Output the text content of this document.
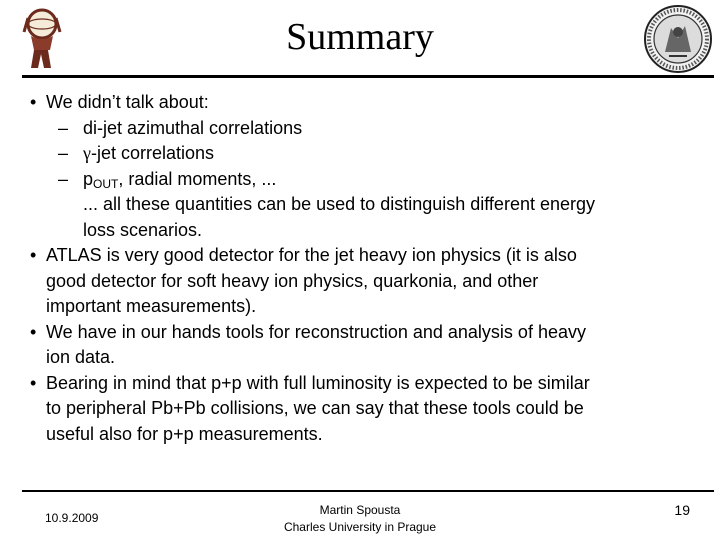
Summary
• We didn’t talk about:
– di-jet azimuthal correlations
– γ-jet correlations
– $p_{OUT}$, radial moments, ...
... all these quantities can be used to distinguish different energy
loss scenarios.
• ATLAS is very good detector for the jet heavy ion physics (it is also
good detector for soft heavy ion physics, quarkonia, and other
important measurements).
• We have in our hands tools for reconstruction and analysis of heavy
ion data.
• Bearing in mind that p+p with full luminosity is expected to be similar
to peripheral Pb+Pb collisions, we can say that these tools could be
useful also for p+p measurements.
10.9.2009
Martin Spousta
Charles University in Prague
19
